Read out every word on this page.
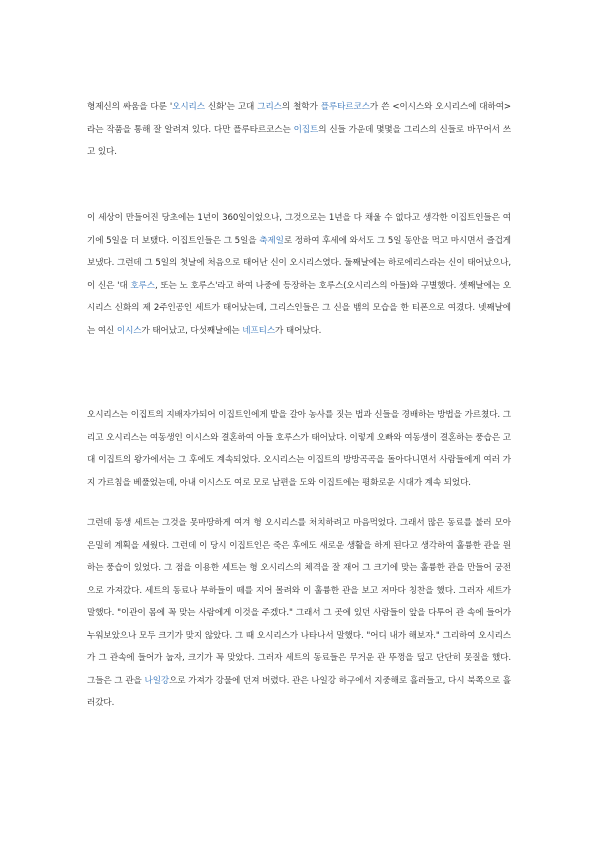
형제신의 싸움을 다룬 '오시리스 신화'는 고대 그리스의 철학가 플루타르코스가 쓴 <이시스와 오시리스에 대하여>라는 작품을 통해 잘 알려져 있다. 다만 플루타르코스는 이집트의 신들 가운데 몇몇을 그리스의 신들로 바꾸어서 쓰고 있다.

이 세상이 만들어진 당초에는 1년이 360일이었으나, 그것으로는 1년을 다 채울 수 없다고 생각한 이집트인들은 여기에 5일을 더 보탰다. 이집트인들은 그 5일을 축제일로 정하여 후세에 와서도 그 5일 동안을 먹고 마시면서 즐겁게 보냈다. 그런데 그 5일의 첫날에 처음으로 태어난 신이 오시리스였다. 둘째날에는 하로에리스라는 신이 태어났으나, 이 신은 '대 호루스, 또는 노 호루스'라고 하여 나중에 등장하는 호루스(오시리스의 아들)와 구별했다. 셋째날에는 오시리스 신화의 제 2주인공인 세트가 태어났는데, 그리스인들은 그 신을 뱀의 모습을 한 티폰으로 여겼다. 넷째날에는 여신 이시스가 태어났고, 다섯째날에는 네프티스가 태어났다.

오시리스는 이집트의 지배자가되어 이집트인에게 밭을 갈아 농사를 짓는 법과 신들을 경배하는 방법을 가르쳤다. 그리고 오시리스는 여동생인 이시스와 결혼하여 아들 호루스가 태어났다. 이렇게 오빠와 여동생이 결혼하는 풍습은 고대 이집트의 왕가에서는 그 후에도 계속되었다. 오시리스는 이집트의 방방곡곡을 돌아다니면서 사람들에게 여러 가지 가르침을 베풀었는데, 아내 이시스도 여로 모로 남편을 도와 이집트에는 평화로운 시대가 계속 되었다.

그런데 동생 세트는 그것을 못마땅하게 여겨 형 오시리스를 처치하려고 마음먹었다. 그래서 많은 동료를 불러 모아 은밀히 계획을 세웠다. 그런데 이 당시 이집트인은 죽은 후에도 새로운 생활을 하게 된다고 생각하여 훌륭한 관을 원하는 풍습이 있었다. 그 점을 이용한 세트는 형 오시리스의 체격을 잘 재어 그 크기에 맞는 훌륭한 관을 만들어 궁전으로 가져갔다. 세트의 동료나 부하들이 떼를 지어 몰려와 이 훌륭한 관을 보고 저마다 칭찬을 했다. 그러자 세트가 말했다. "이관이 몸에 꼭 맞는 사람에게 이것을 주겠다." 그래서 그 곳에 있던 사람들이 앞을 다투어 관 속에 들어가 누워보았으나 모두 크기가 맞지 않았다. 그 때 오시리스가 나타나서 말했다. "어디 내가 해보자." 그리하여 오시리스가 그 관속에 들어가 눕자, 크기가 꼭 맞았다. 그러자 세트의 동료들은 무거운 관 뚜껑을 덮고 단단히 못질을 했다. 그들은 그 관을 나일강으로 가져가 강물에 던져 버렸다. 관은 나일강 하구에서 지중해로 흘러들고, 다시 북쪽으로 흘러갔다.
